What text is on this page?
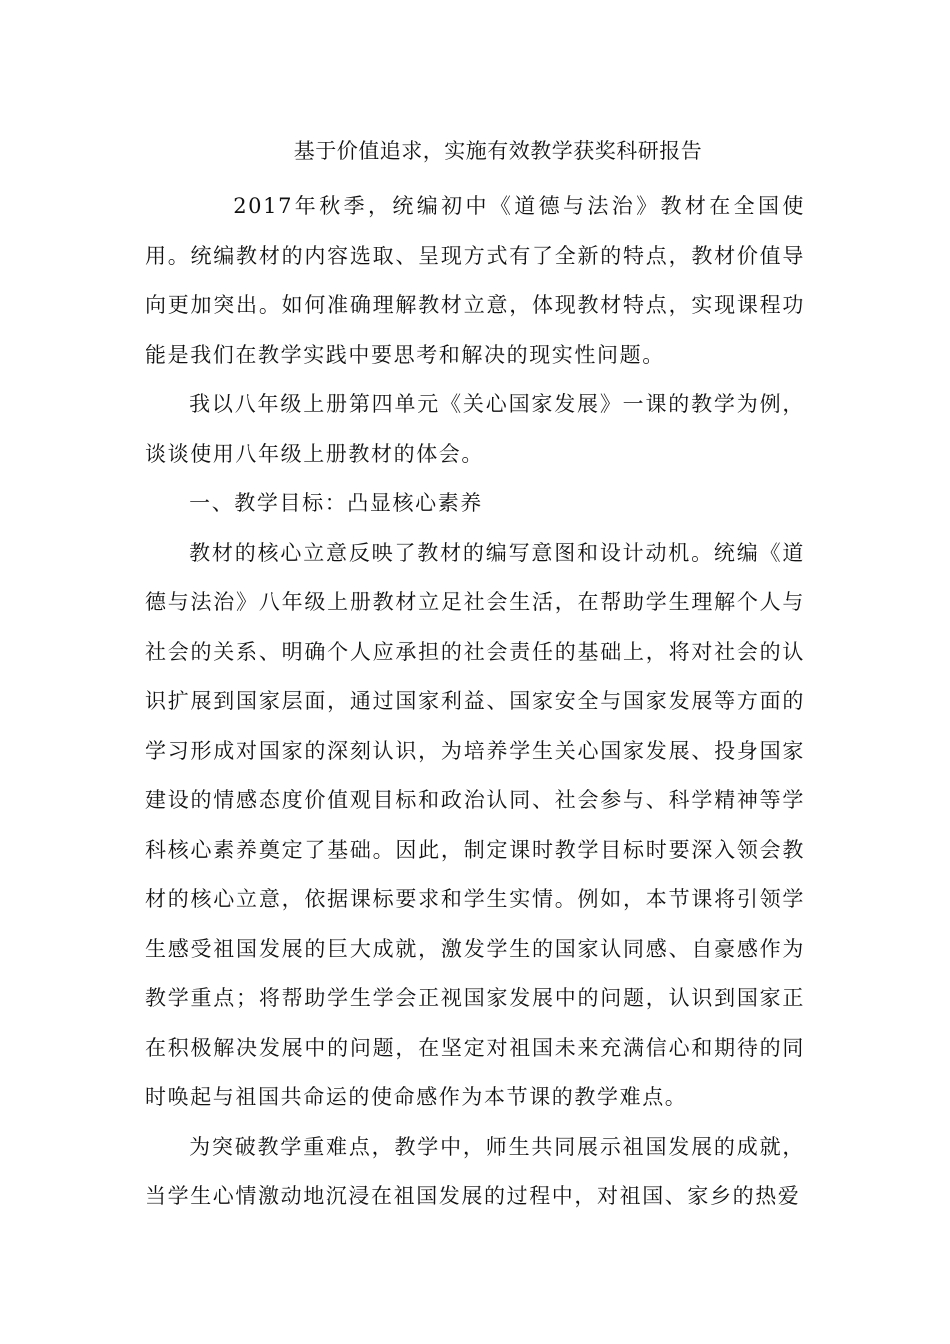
基于价值追求，实施有效教学获奖科研报告

2017年秋季，统编初中《道德与法治》教材在全国使用。统编教材的内容选取、呈现方式有了全新的特点，教材价值导向更加突出。如何准确理解教材立意，体现教材特点，实现课程功能是我们在教学实践中要思考和解决的现实性问题。

我以八年级上册第四单元《关心国家发展》一课的教学为例，谈谈使用八年级上册教材的体会。

一、教学目标：凸显核心素养

教材的核心立意反映了教材的编写意图和设计动机。统编《道德与法治》八年级上册教材立足社会生活，在帮助学生理解个人与社会的关系、明确个人应承担的社会责任的基础上，将对社会的认识扩展到国家层面，通过国家利益、国家安全与国家发展等方面的学习形成对国家的深刻认识，为培养学生关心国家发展、投身国家建设的情感态度价值观目标和政治认同、社会参与、科学精神等学科核心素养奠定了基础。因此，制定课时教学目标时要深入领会教材的核心立意，依据课标要求和学生实情。例如，本节课将引领学生感受祖国发展的巨大成就，激发学生的国家认同感、自豪感作为教学重点；将帮助学生学会正视国家发展中的问题，认识到国家正在积极解决发展中的问题，在坚定对祖国未来充满信心和期待的同时唤起与祖国共命运的使命感作为本节课的教学难点。

为突破教学重难点，教学中，师生共同展示祖国发展的成就，当学生心情激动地沉浸在祖国发展的过程中，对祖国、家乡的热爱
